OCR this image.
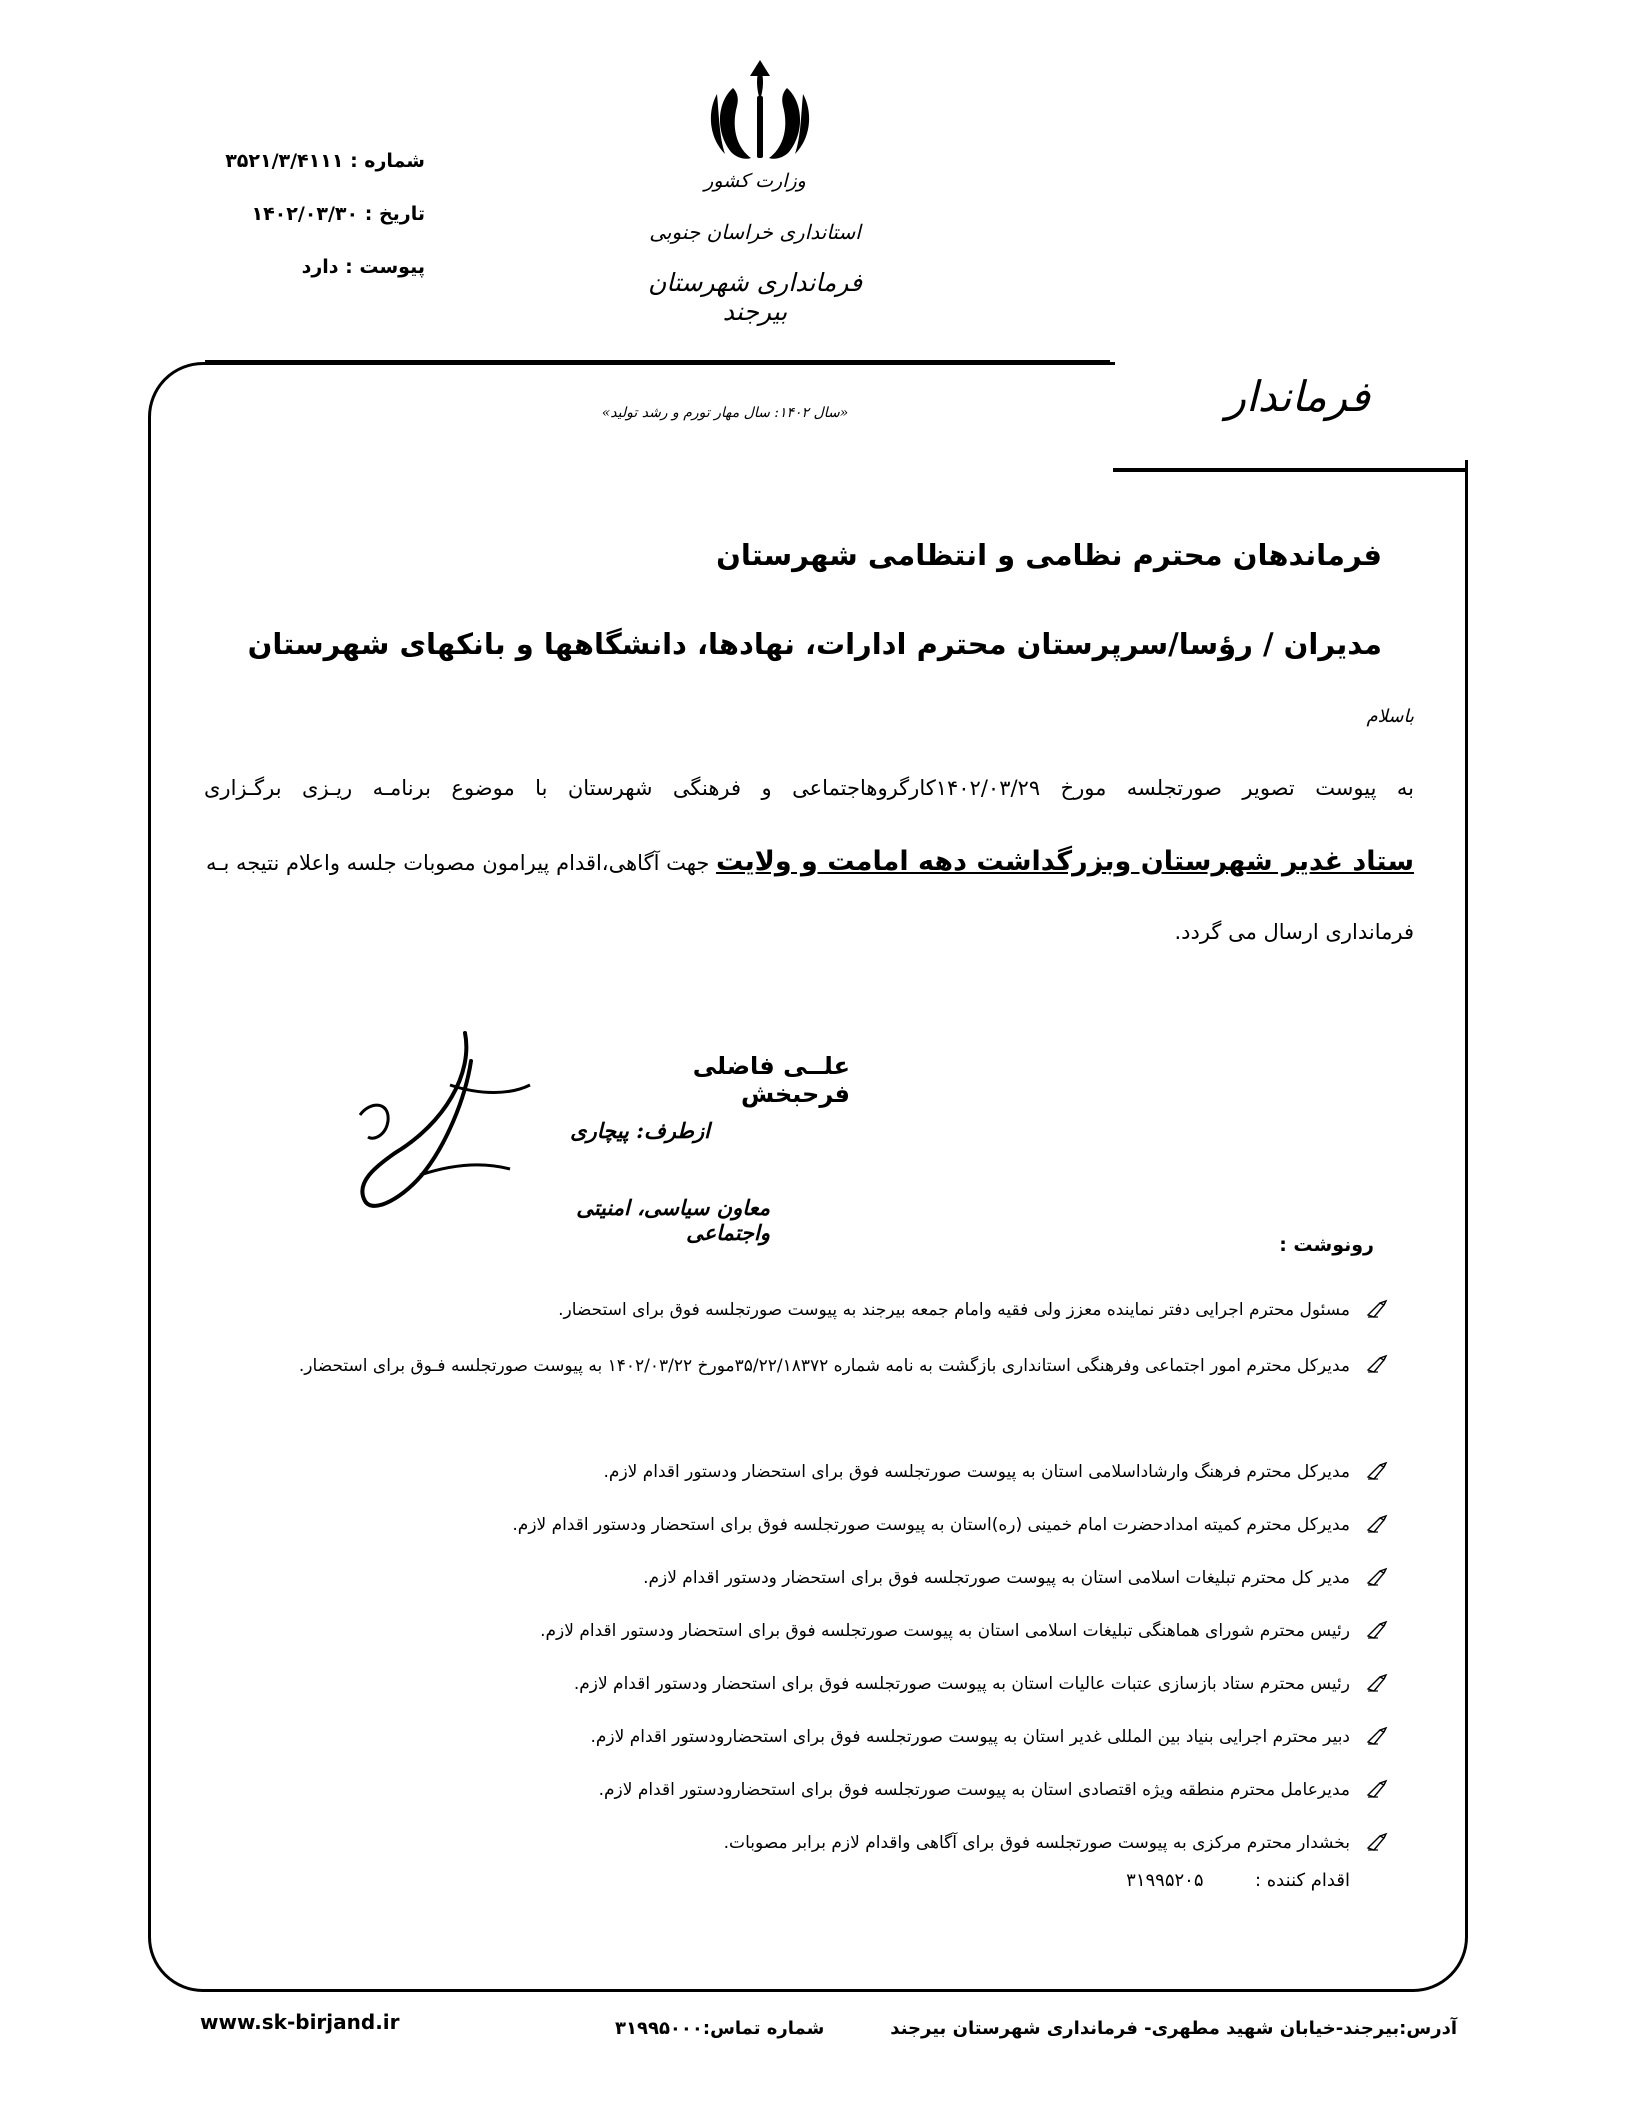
شماره : ۳۵۲۱/۳/۴۱۱۱
تاریخ : ۱۴۰۲/۰۳/۳۰
پیوست : دارد
وزارت کشور
استانداری خراسان جنوبی
فرمانداری شهرستان بیرجند
فرماندار
«سال ۱۴۰۲: سال مهار تورم و رشد تولید»
فرماندهان محترم نظامی و انتظامی شهرستان
مدیران / رؤسا/سرپرستان محترم ادارات، نهادها، دانشگاهها و بانکهای شهرستان
باسلام
به پیوست تصویر صورتجلسه مورخ ۱۴۰۲/۰۳/۲۹کارگروهاجتماعی و فرهنگی شهرستان با موضوع برنامـه ریـزی برگـزاری
ستاد غدیر شهرستان وبزرگداشت دهه امامت و ولایت جهت آگاهی،اقدام پیرامون مصوبات جلسه واعلام نتیجه بـه
فرمانداری ارسال می گردد.
علــی فاضلی فرحبخش
ازطرف: پیچاری
معاون سیاسی، امنیتی واجتماعی	رونوشت :
مسئول محترم اجرایی دفتر نماینده معزز ولی فقیه وامام جمعه بیرجند به پیوست صورتجلسه فوق برای استحضار.
مدیرکل محترم امور اجتماعی وفرهنگی استانداری بازگشت به نامه شماره ۳۵/۲۲/۱۸۳۷۲مورخ ۱۴۰۲/۰۳/۲۲ به پیوست صورتجلسه فـوق برای استحضار.
مدیرکل محترم فرهنگ وارشاداسلامی استان به پیوست صورتجلسه فوق برای استحضار ودستور اقدام لازم.
مدیرکل محترم کمیته امدادحضرت امام خمینی (ره)استان به پیوست صورتجلسه فوق برای استحضار ودستور اقدام لازم.
مدیر کل محترم تبلیغات اسلامی استان به پیوست صورتجلسه فوق برای استحضار ودستور اقدام لازم.
رئیس محترم شورای هماهنگی تبلیغات اسلامی استان به پیوست صورتجلسه فوق برای استحضار ودستور اقدام لازم.
رئیس محترم ستاد بازسازی عتبات عالیات استان به پیوست صورتجلسه فوق برای استحضار ودستور اقدام لازم.
دبیر محترم اجرایی بنیاد بین المللی غدیر استان به پیوست صورتجلسه فوق برای استحضارودستور اقدام لازم.
مدیرعامل محترم منطقه ویژه اقتصادی استان به پیوست صورتجلسه فوق برای استحضارودستور اقدام لازم.
بخشدار محترم مرکزی به پیوست صورتجلسه فوق برای آگاهی واقدام لازم برابر مصوبات.
اقدام کننده :  ۳۱۹۹۵۲۰۵
آدرس:بیرجند-خیابان شهید مطهری- فرمانداری شهرستان بیرجند
شماره تماس:۳۱۹۹۵۰۰۰
www.sk-birjand.ir
